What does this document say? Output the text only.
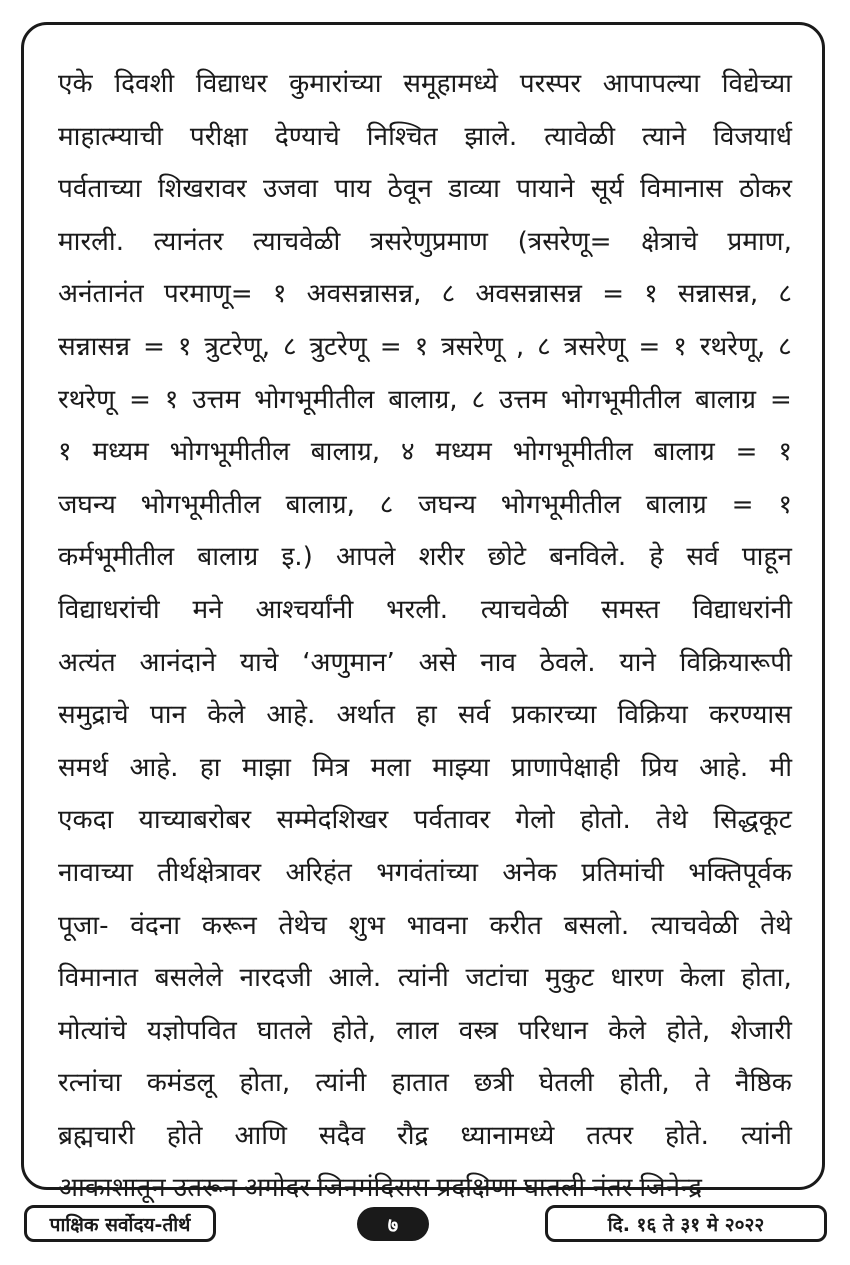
एके दिवशी विद्याधर कुमारांच्या समूहामध्ये परस्पर आपापल्या विद्येच्या
माहात्म्याची परीक्षा देण्याचे निश्चित झाले. त्यावेळी त्याने विजयार्ध
पर्वताच्या शिखरावर उजवा पाय ठेवून डाव्या पायाने सूर्य विमानास ठोकर
मारली. त्यानंतर त्याचवेळी त्रसरेणुप्रमाण (त्रसरेणू= क्षेत्राचे प्रमाण,
अनंतानंत परमाणू= १ अवसन्नासन्न, ८ अवसन्नासन्न = १ सन्नासन्न, ८
सन्नासन्न = १ त्रुटरेणू, ८ त्रुटरेणू = १ त्रसरेणू , ८ त्रसरेणू = १ रथरेणू, ८
रथरेणू = १ उत्तम भोगभूमीतील बालाग्र, ८ उत्तम भोगभूमीतील बालाग्र =
१ मध्यम भोगभूमीतील बालाग्र, ४ मध्यम भोगभूमीतील बालाग्र = १
जघन्य भोगभूमीतील बालाग्र, ८ जघन्य भोगभूमीतील बालाग्र = १
कर्मभूमीतील बालाग्र इ.) आपले शरीर छोटे बनविले. हे सर्व पाहून
विद्याधरांची मने आश्चर्यांनी भरली. त्याचवेळी समस्त विद्याधरांनी
अत्यंत आनंदाने याचे ‘अणुमान’ असे नाव ठेवले. याने विक्रियारूपी
समुद्राचे पान केले आहे. अर्थात हा सर्व प्रकारच्या विक्रिया करण्यास
समर्थ आहे. हा माझा मित्र मला माझ्या प्राणापेक्षाही प्रिय आहे. मी
एकदा याच्याबरोबर सम्मेदशिखर पर्वतावर गेलो होतो. तेथे सिद्धकूट
नावाच्या तीर्थक्षेत्रावर अरिहंत भगवंतांच्या अनेक प्रतिमांची भक्तिपूर्वक
पूजा- वंदना करून तेथेच शुभ भावना करीत बसलो. त्याचवेळी तेथे
विमानात बसलेले नारदजी आले. त्यांनी जटांचा मुकुट धारण केला होता,
मोत्यांचे यज्ञोपवित घातले होते, लाल वस्त्र परिधान केले होते, शेजारी
रत्नांचा कमंडलू होता, त्यांनी हातात छत्री घेतली होती, ते नैष्ठिक
ब्रह्मचारी होते आणि सदैव रौद्र ध्यानामध्ये तत्पर होते. त्यांनी
आकाशातून उतरून अगोदर जिनमंदिरास प्रदक्षिणा घातली नंतर जिनेन्द्र
पाक्षिक सर्वोदय-तीर्थ	७	दि. १६ ते ३१ मे २०२२
